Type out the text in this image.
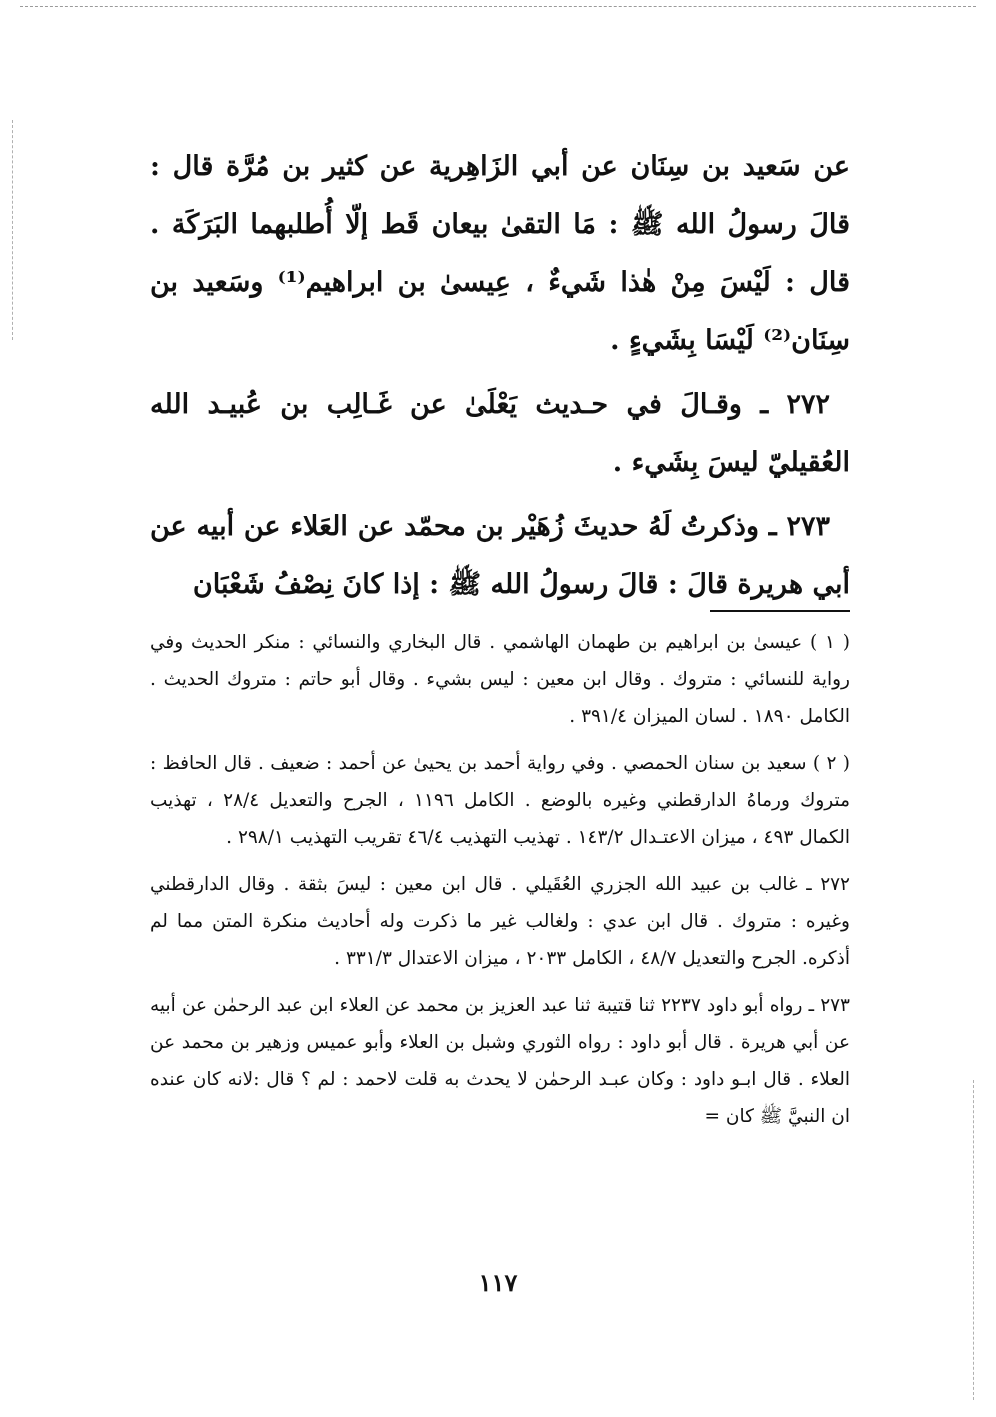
عن سَعيد بن سِنَان عن أبي الزَاهِرية عن كثير بن مُرَّة قال : قالَ رسولُ الله ﷺ : مَا التقىٰ بيعان قَط إلّا أُطلبهما البَرَكَة . قال : لَيْسَ مِنْ هٰذا شَيءٌ ، عِيسىٰ بن ابراهيم⁽¹⁾ وسَعيد بن سِنَان⁽²⁾ لَيْسَا بِشَيءٍ .

٢٧٢ ـ وقـالَ في حـديث يَعْلَىٰ عن غَـالِب بن عُبيـد الله العُقيليّ ليسَ بِشَيء .

٢٧٣ ـ وذكرتُ لَهُ حديثَ زُهَيْر بن محمّد عن العَلاء عن أبيه عن أبي هريرة قالَ : قالَ رسولُ الله ﷺ : إذا كانَ نِصْفُ شَعْبَان

( ١ ) عيسىٰ بن ابراهيم بن طهمان الهاشمي . قال البخاري والنسائي : منكر الحديث وفي رواية للنسائي : متروك . وقال ابن معين : ليس بشيء . وقال أبو حاتم : متروك الحديث . الكامل ١٨٩٠ . لسان الميزان ٣٩١/٤ .

( ٢ ) سعيد بن سنان الحمصي . وفي رواية أحمد بن يحيىٰ عن أحمد : ضعيف . قال الحافظ : متروك ورماهُ الدارقطني وغيره بالوضع . الكامل ١١٩٦ ، الجرح والتعديل ٢٨/٤ ، تهذيب الكمال ٤٩٣ ، ميزان الاعتـدال ١٤٣/٢ . تهذيب التهذيب ٤٦/٤ تقريب التهذيب ٢٩٨/١ .

٢٧٢ ـ غالب بن عبيد الله الجزري العُقَيلي . قال ابن معين : ليسَ بثقة . وقال الدارقطني وغيره : متروك . قال ابن عدي : ولغالب غير ما ذكرت وله أحاديث منكرة المتن مما لم أذكره. الجرح والتعديل ٤٨/٧ ، الكامل ٢٠٣٣ ، ميزان الاعتدال ٣٣١/٣ .

٢٧٣ ـ رواه أبو داود ٢٢٣٧ ثنا قتيبة ثنا عبد العزيز بن محمد عن العلاء ابن عبد الرحمٰن عن أبيه عن أبي هريرة . قال أبو داود : رواه الثوري وشبل بن العلاء وأبو عميس وزهير بن محمد عن العلاء . قال ابـو داود : وكان عبـد الرحمٰن لا يحدث به قلت لاحمد : لم ؟ قال :لانه كان عنده ان النبيَّ ﷺ كان =

١١٧
